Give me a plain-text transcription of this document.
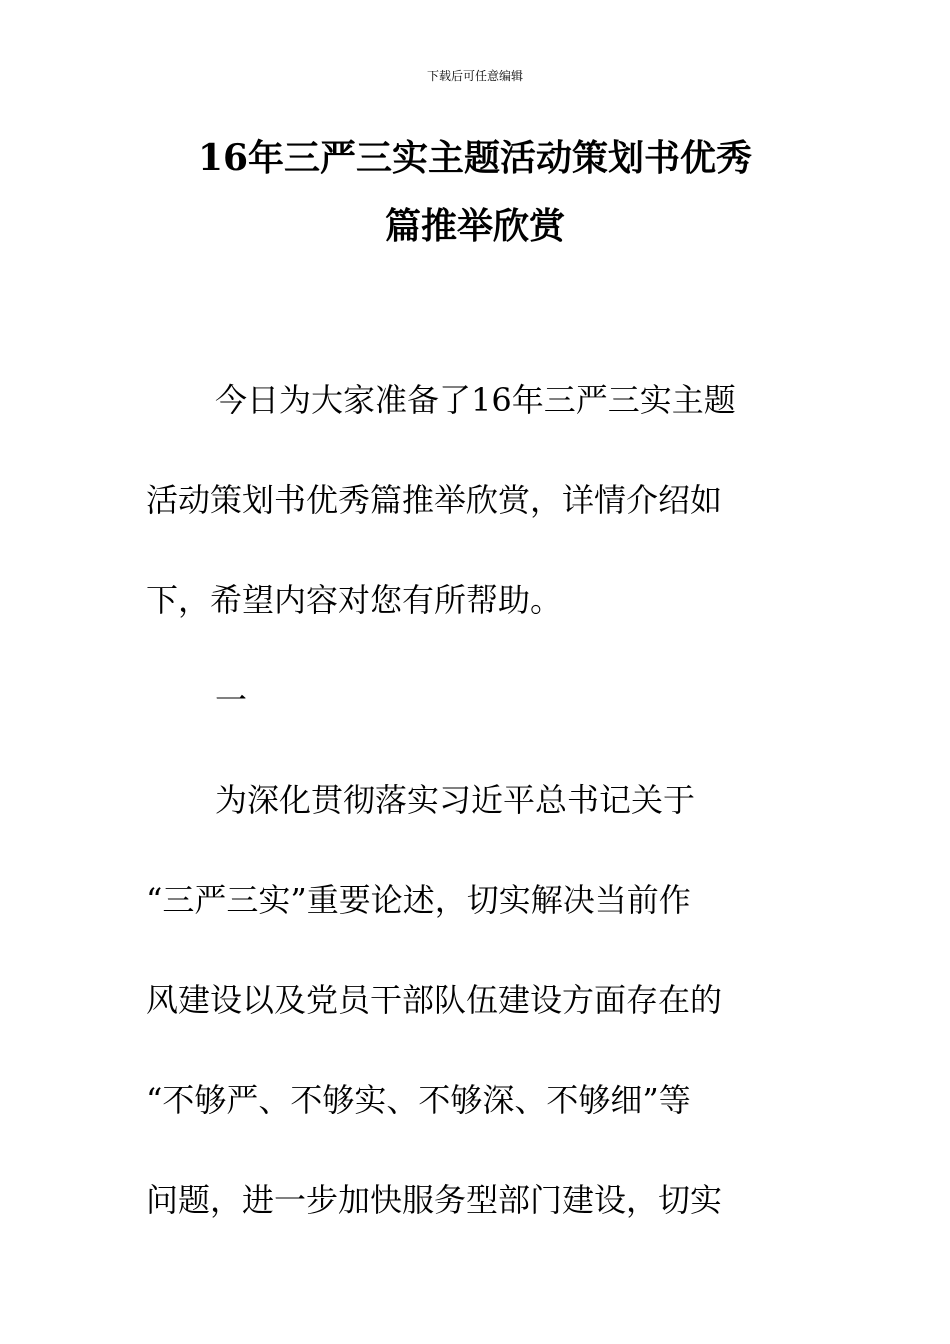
下载后可任意编辑
16年三严三实主题活动策划书优秀
篇推举欣赏
今日为大家准备了16年三严三实主题
活动策划书优秀篇推举欣赏，详情介绍如
下，希望内容对您有所帮助。
一
为深化贯彻落实习近平总书记关于
“三严三实”重要论述，切实解决当前作
风建设以及党员干部队伍建设方面存在的
“不够严、不够实、不够深、不够细”等
问题，进一步加快服务型部门建设，切实
